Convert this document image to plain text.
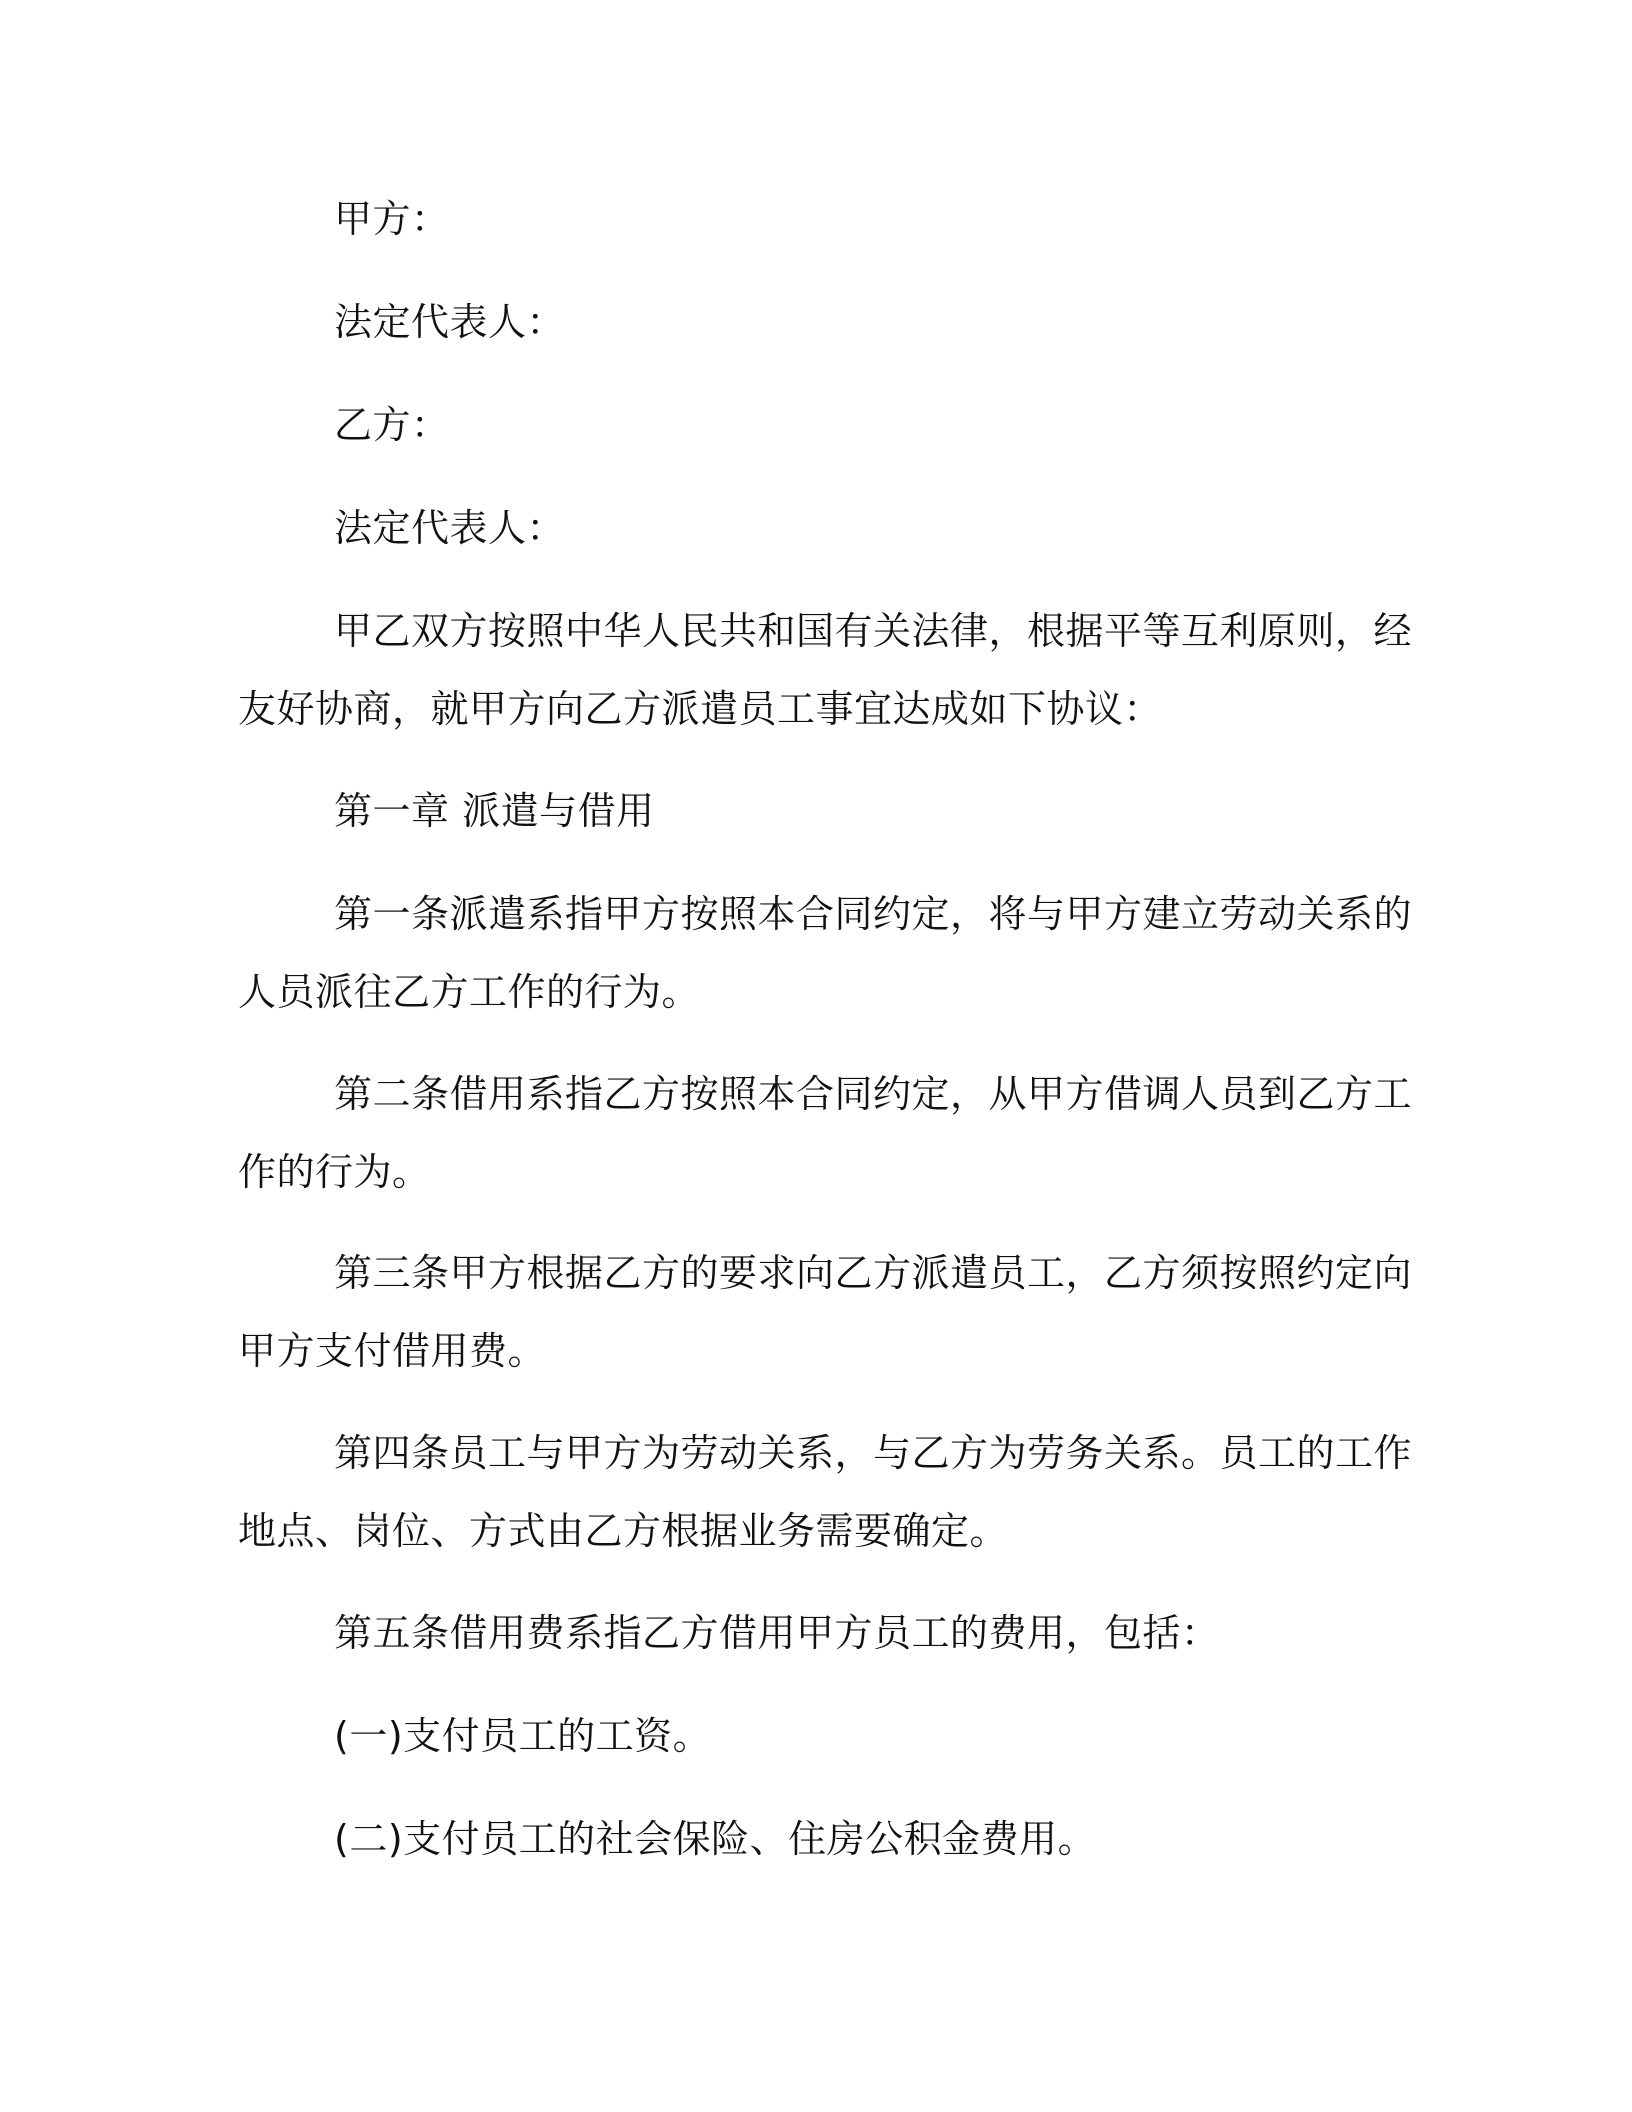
甲方：
法定代表人：
乙方：
法定代表人：
甲乙双方按照中华人民共和国有关法律，根据平等互利原则，经
友好协商，就甲方向乙方派遣员工事宜达成如下协议：
第一章 派遣与借用
第一条派遣系指甲方按照本合同约定，将与甲方建立劳动关系的
人员派往乙方工作的行为。
第二条借用系指乙方按照本合同约定，从甲方借调人员到乙方工
作的行为。
第三条甲方根据乙方的要求向乙方派遣员工，乙方须按照约定向
甲方支付借用费。
第四条员工与甲方为劳动关系，与乙方为劳务关系。员工的工作
地点、岗位、方式由乙方根据业务需要确定。
第五条借用费系指乙方借用甲方员工的费用，包括：
(一)支付员工的工资。
(二)支付员工的社会保险、住房公积金费用。
